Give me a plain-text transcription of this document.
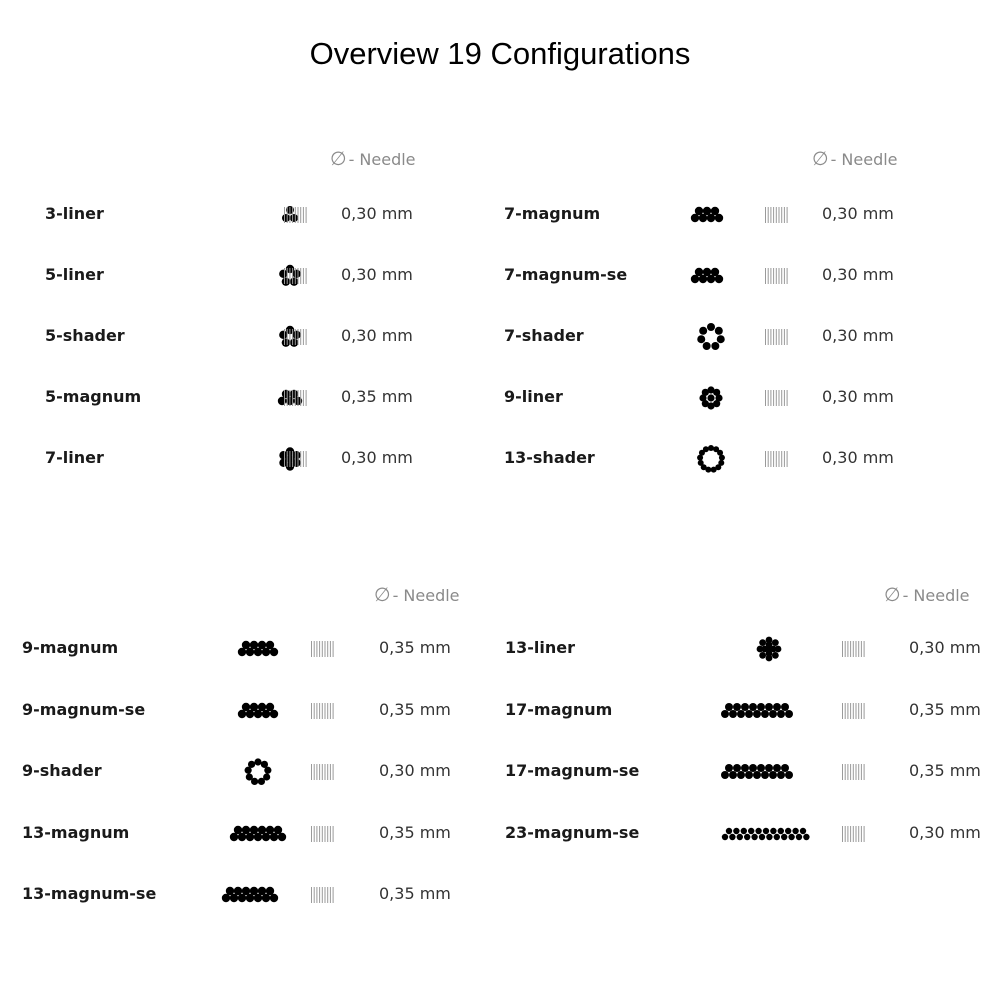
Overview 19 Configurations
∅ - Needle
3-liner	0,30 mm
5-liner	0,30 mm
5-shader	0,30 mm
5-magnum	0,35 mm
7-liner	0,30 mm
∅ - Needle
7-magnum	0,30 mm
7-magnum-se	0,30 mm
7-shader	0,30 mm
9-liner	0,30 mm
13-shader	0,30 mm
∅ - Needle
9-magnum	0,35 mm
9-magnum-se	0,35 mm
9-shader	0,30 mm
13-magnum	0,35 mm
13-magnum-se	0,35 mm
∅ - Needle
13-liner	0,30 mm
17-magnum	0,35 mm
17-magnum-se	0,35 mm
23-magnum-se	0,30 mm
